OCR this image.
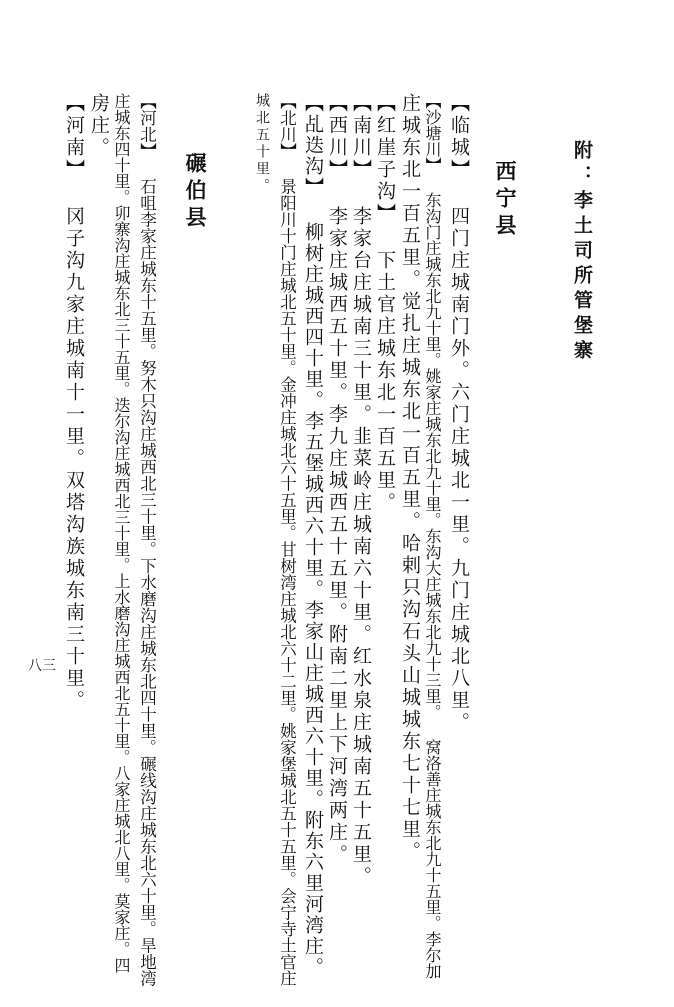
附：李土司所管堡寨
西宁县
【临城】 四门庄城南门外。六门庄城北一里。九门庄城北八里。
【沙塘川】 东沟门庄城东北九十里。姚家庄城东北九十里。东沟大庄城东北九十三里。 窝洛善庄城东北九十五里。李尔加
庄城东北一百五里。觉扎庄城东北一百五里。哈剌只沟石头山城城东七十七里。
【红崖子沟】 下土官庄城东北一百五里。
【南川】 李家台庄城南三十里。韭菜岭庄城南六十里。红水泉庄城南五十五里。
【西川】 李家庄城西五十里。李九庄城西五十五里。附南二里上下河湾两庄。
【乩迭沟】 柳树庄城西四十里。李五堡城西六十里。李家山庄城西六十里。附东六里河湾庄。
【北川】 景阳川十门庄城北五十里。金冲庄城北六十五里。甘树湾庄城北六十二里。姚家堡城北五十五里。会宁寺土官庄
城北五十里。
碾伯县
【河北】 石咀李家庄城东十五里。努木只沟庄城西北三十里。下水磨沟庄城东北四十里。碾线沟庄城东北六十里。旱地湾
庄城东四十里。卯寨沟庄城东北三十五里。迭尔沟庄城西北三十里。上水磨沟庄城西北五十里。八家庄城北八里。莫家庄。四
房庄。
【河南】 冈子沟九家庄城南十一里。双塔沟族城东南三十里。
八三
